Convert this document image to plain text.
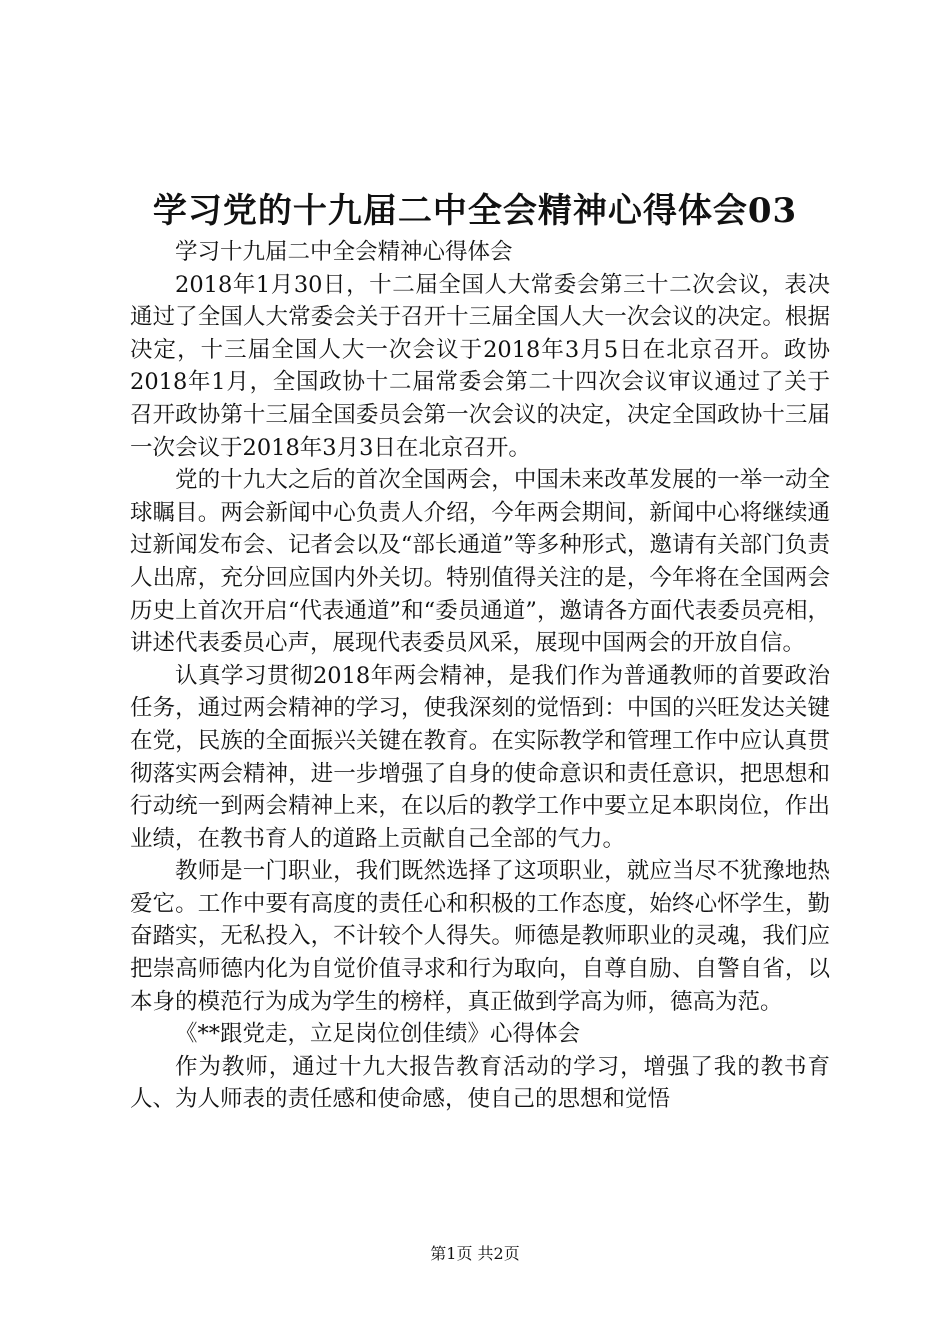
学习党的十九届二中全会精神心得体会03

学习十九届二中全会精神心得体会

2018年1月30日，十二届全国人大常委会第三十二次会议，表决通过了全国人大常委会关于召开十三届全国人大一次会议的决定。根据决定，十三届全国人大一次会议于2018年3月5日在北京召开。政协2018年1月，全国政协十二届常委会第二十四次会议审议通过了关于召开政协第十三届全国委员会第一次会议的决定，决定全国政协十三届一次会议于2018年3月3日在北京召开。

党的十九大之后的首次全国两会，中国未来改革发展的一举一动全球瞩目。两会新闻中心负责人介绍，今年两会期间，新闻中心将继续通过新闻发布会、记者会以及“部长通道”等多种形式，邀请有关部门负责人出席，充分回应国内外关切。特别值得关注的是，今年将在全国两会历史上首次开启“代表通道”和“委员通道”，邀请各方面代表委员亮相，讲述代表委员心声，展现代表委员风采，展现中国两会的开放自信。

认真学习贯彻2018年两会精神，是我们作为普通教师的首要政治任务，通过两会精神的学习，使我深刻的觉悟到：中国的兴旺发达关键在党，民族的全面振兴关键在教育。在实际教学和管理工作中应认真贯彻落实两会精神，进一步增强了自身的使命意识和责任意识，把思想和行动统一到两会精神上来，在以后的教学工作中要立足本职岗位，作出业绩，在教书育人的道路上贡献自己全部的气力。

教师是一门职业，我们既然选择了这项职业，就应当尽不犹豫地热爱它。工作中要有高度的责任心和积极的工作态度，始终心怀学生，勤奋踏实，无私投入，不计较个人得失。师德是教师职业的灵魂，我们应把崇高师德内化为自觉价值寻求和行为取向，自尊自励、自警自省，以本身的模范行为成为学生的榜样，真正做到学高为师，德高为范。

《**跟党走，立足岗位创佳绩》心得体会

作为教师，通过十九大报告教育活动的学习，增强了我的教书育人、为人师表的责任感和使命感，使自己的思想和觉悟

第1页 共2页
